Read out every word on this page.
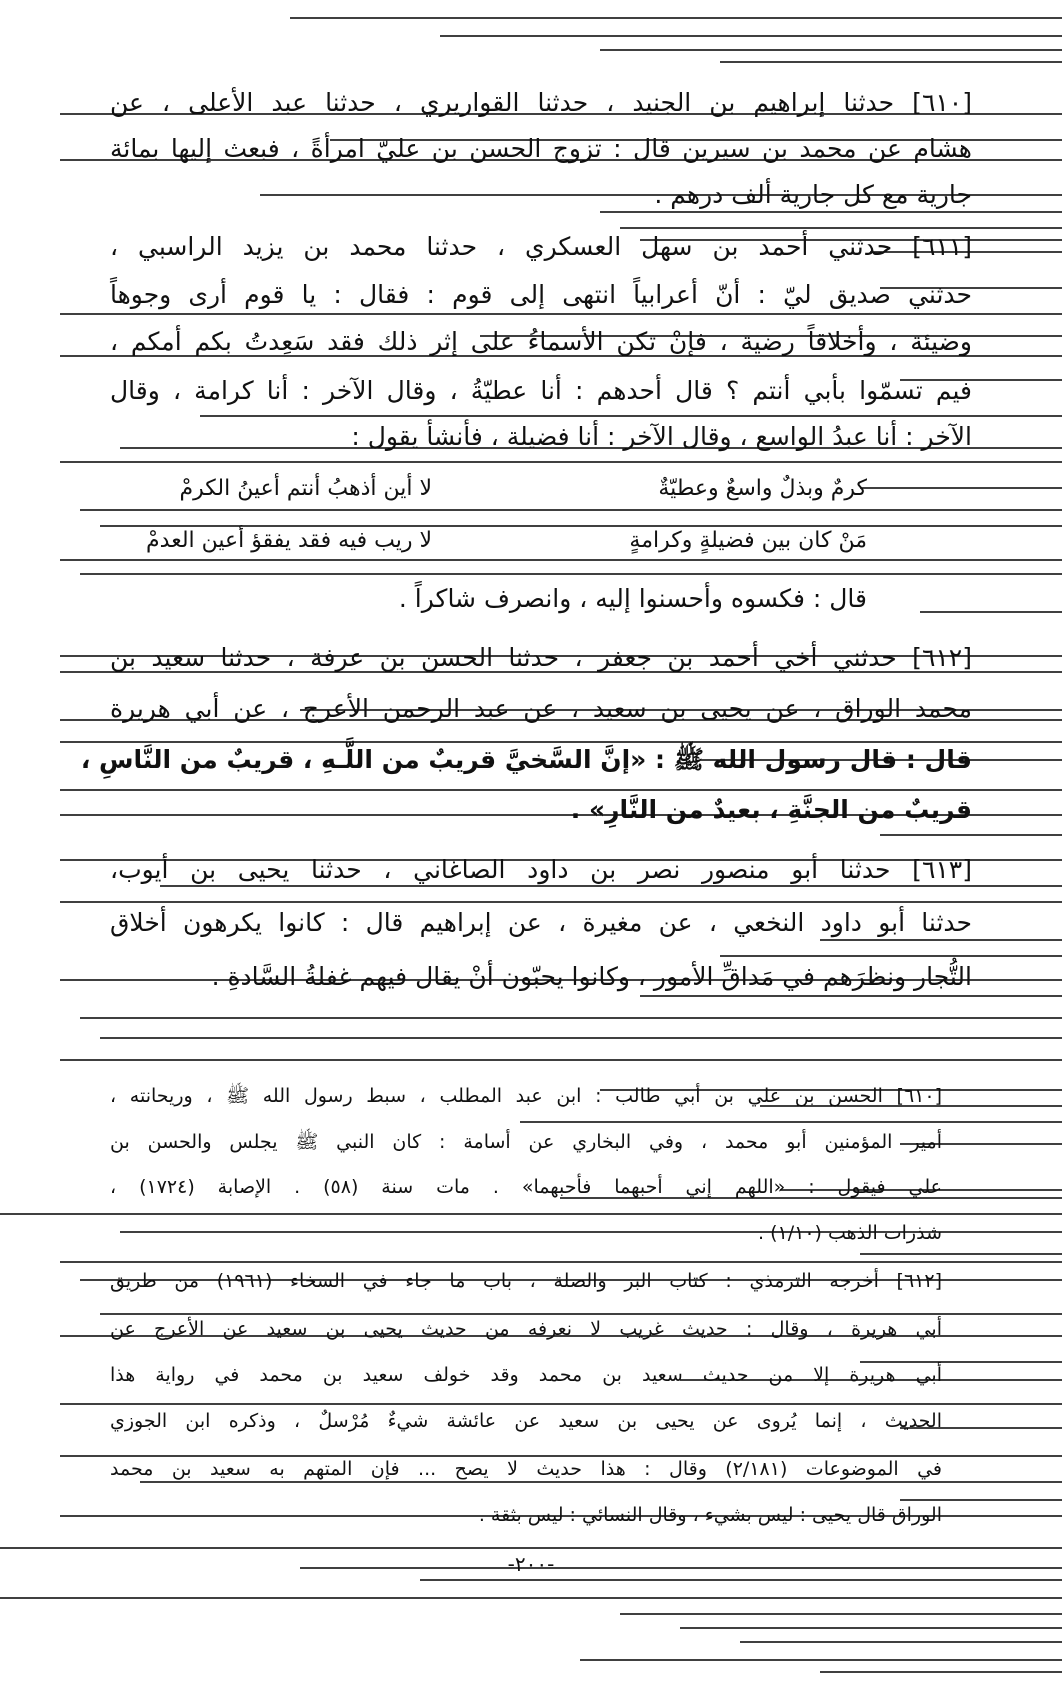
[٦١٠] حدثنا إبراهيم بن الجنيد ، حدثنا القواريري ، حدثنا عبد الأعلى ، عن
هشام عن محمد بن سيرين قال : تزوج الحسن بن عليّ امرأةً ، فبعث إليها بمائة
جارية مع كل جارية ألف درهم .
[٦١١] حدثني أحمد بن سهل العسكري ، حدثنا محمد بن يزيد الراسبي ،
حدثني صديق ليّ : أنّ أعرابياً انتهى إلى قوم : فقال : يا قوم أرى وجوهاً
وضيئة ، وأخلاقاً رضية ، فإنْ تكن الأسماءُ على إثر ذلك فقد سَعِدتُ بكم أمكم ،
فيم تسمّوا بأبي أنتم ؟ قال أحدهم : أنا عطيّةُ ، وقال الآخر : أنا كرامة ، وقال
الآخر : أنا عبدُ الواسع ، وقال الآخر : أنا فضيلة ، فأنشأ يقول :
كرمٌ وبذلٌ واسعٌ وعطيّةٌ
لا أين أذهبُ أنتم أعينُ الكرمْ
مَنْ كان بين فضيلةٍ وكرامةٍ
لا ريب فيه فقد يفقؤ أعين العدمْ
قال : فكسوه وأحسنوا إليه ، وانصرف شاكراً .
[٦١٢] حدثني أخي أحمد بن جعفر ، حدثنا الحسن بن عرفة ، حدثنا سعيد بن
محمد الوراق ، عن يحيى بن سعيد ، عن عبد الرحمن الأعرج ، عن أبي هريرة
قال : قال رسول الله ﷺ : «إنَّ السَّخيَّ قريبٌ من اللَّـهِ ، قريبٌ من النَّاسِ ،
قريبٌ من الجنَّةِ ، بعيدٌ من النَّارِ» .
[٦١٣] حدثنا أبو منصور نصر بن داود الصاغاني ، حدثنا يحيى بن أيوب،
حدثنا أبو داود النخعي ، عن مغيرة ، عن إبراهيم قال : كانوا يكرهون أخلاق
التُّجار ونظرَهم في مَداقِّ الأمور ، وكانوا يحبّون أنْ يقال فيهم غفلةُ السَّادةِ .
[٦١٠] الحسن بن علي بن أبي طالب : ابن عبد المطلب ، سبط رسول الله ﷺ ، وريحانته ،
أمير المؤمنين أبو محمد ، وفي البخاري عن أسامة : كان النبي ﷺ يجلس والحسن بن
علي فيقول : «اللهم إني أحبهما فأحبهما» . مات سنة (٥٨) . الإصابة (١٧٢٤) ،
شذرات الذهب (١/١٠) .
[٦١٢] أخرجه الترمذي : كتاب البر والصلة ، باب ما جاء في السخاء (١٩٦١) من طريق
أبي هريرة ، وقال : حديث غريب لا نعرفه من حديث يحيى بن سعيد عن الأعرج عن
أبي هريرة إلا من حديث سعيد بن محمد وقد خولف سعيد بن محمد في رواية هذا
الحديث ، إنما يُروى عن يحيى بن سعيد عن عائشة شيءٌ مُرْسلٌ ، وذكره ابن الجوزي
في الموضوعات (٢/١٨١) وقال : هذا حديث لا يصح ... فإن المتهم به سعيد بن محمد
الوراق قال يحيى : ليس بشيء ، وقال النسائي : ليس بثقة .
-٢٠٠-
